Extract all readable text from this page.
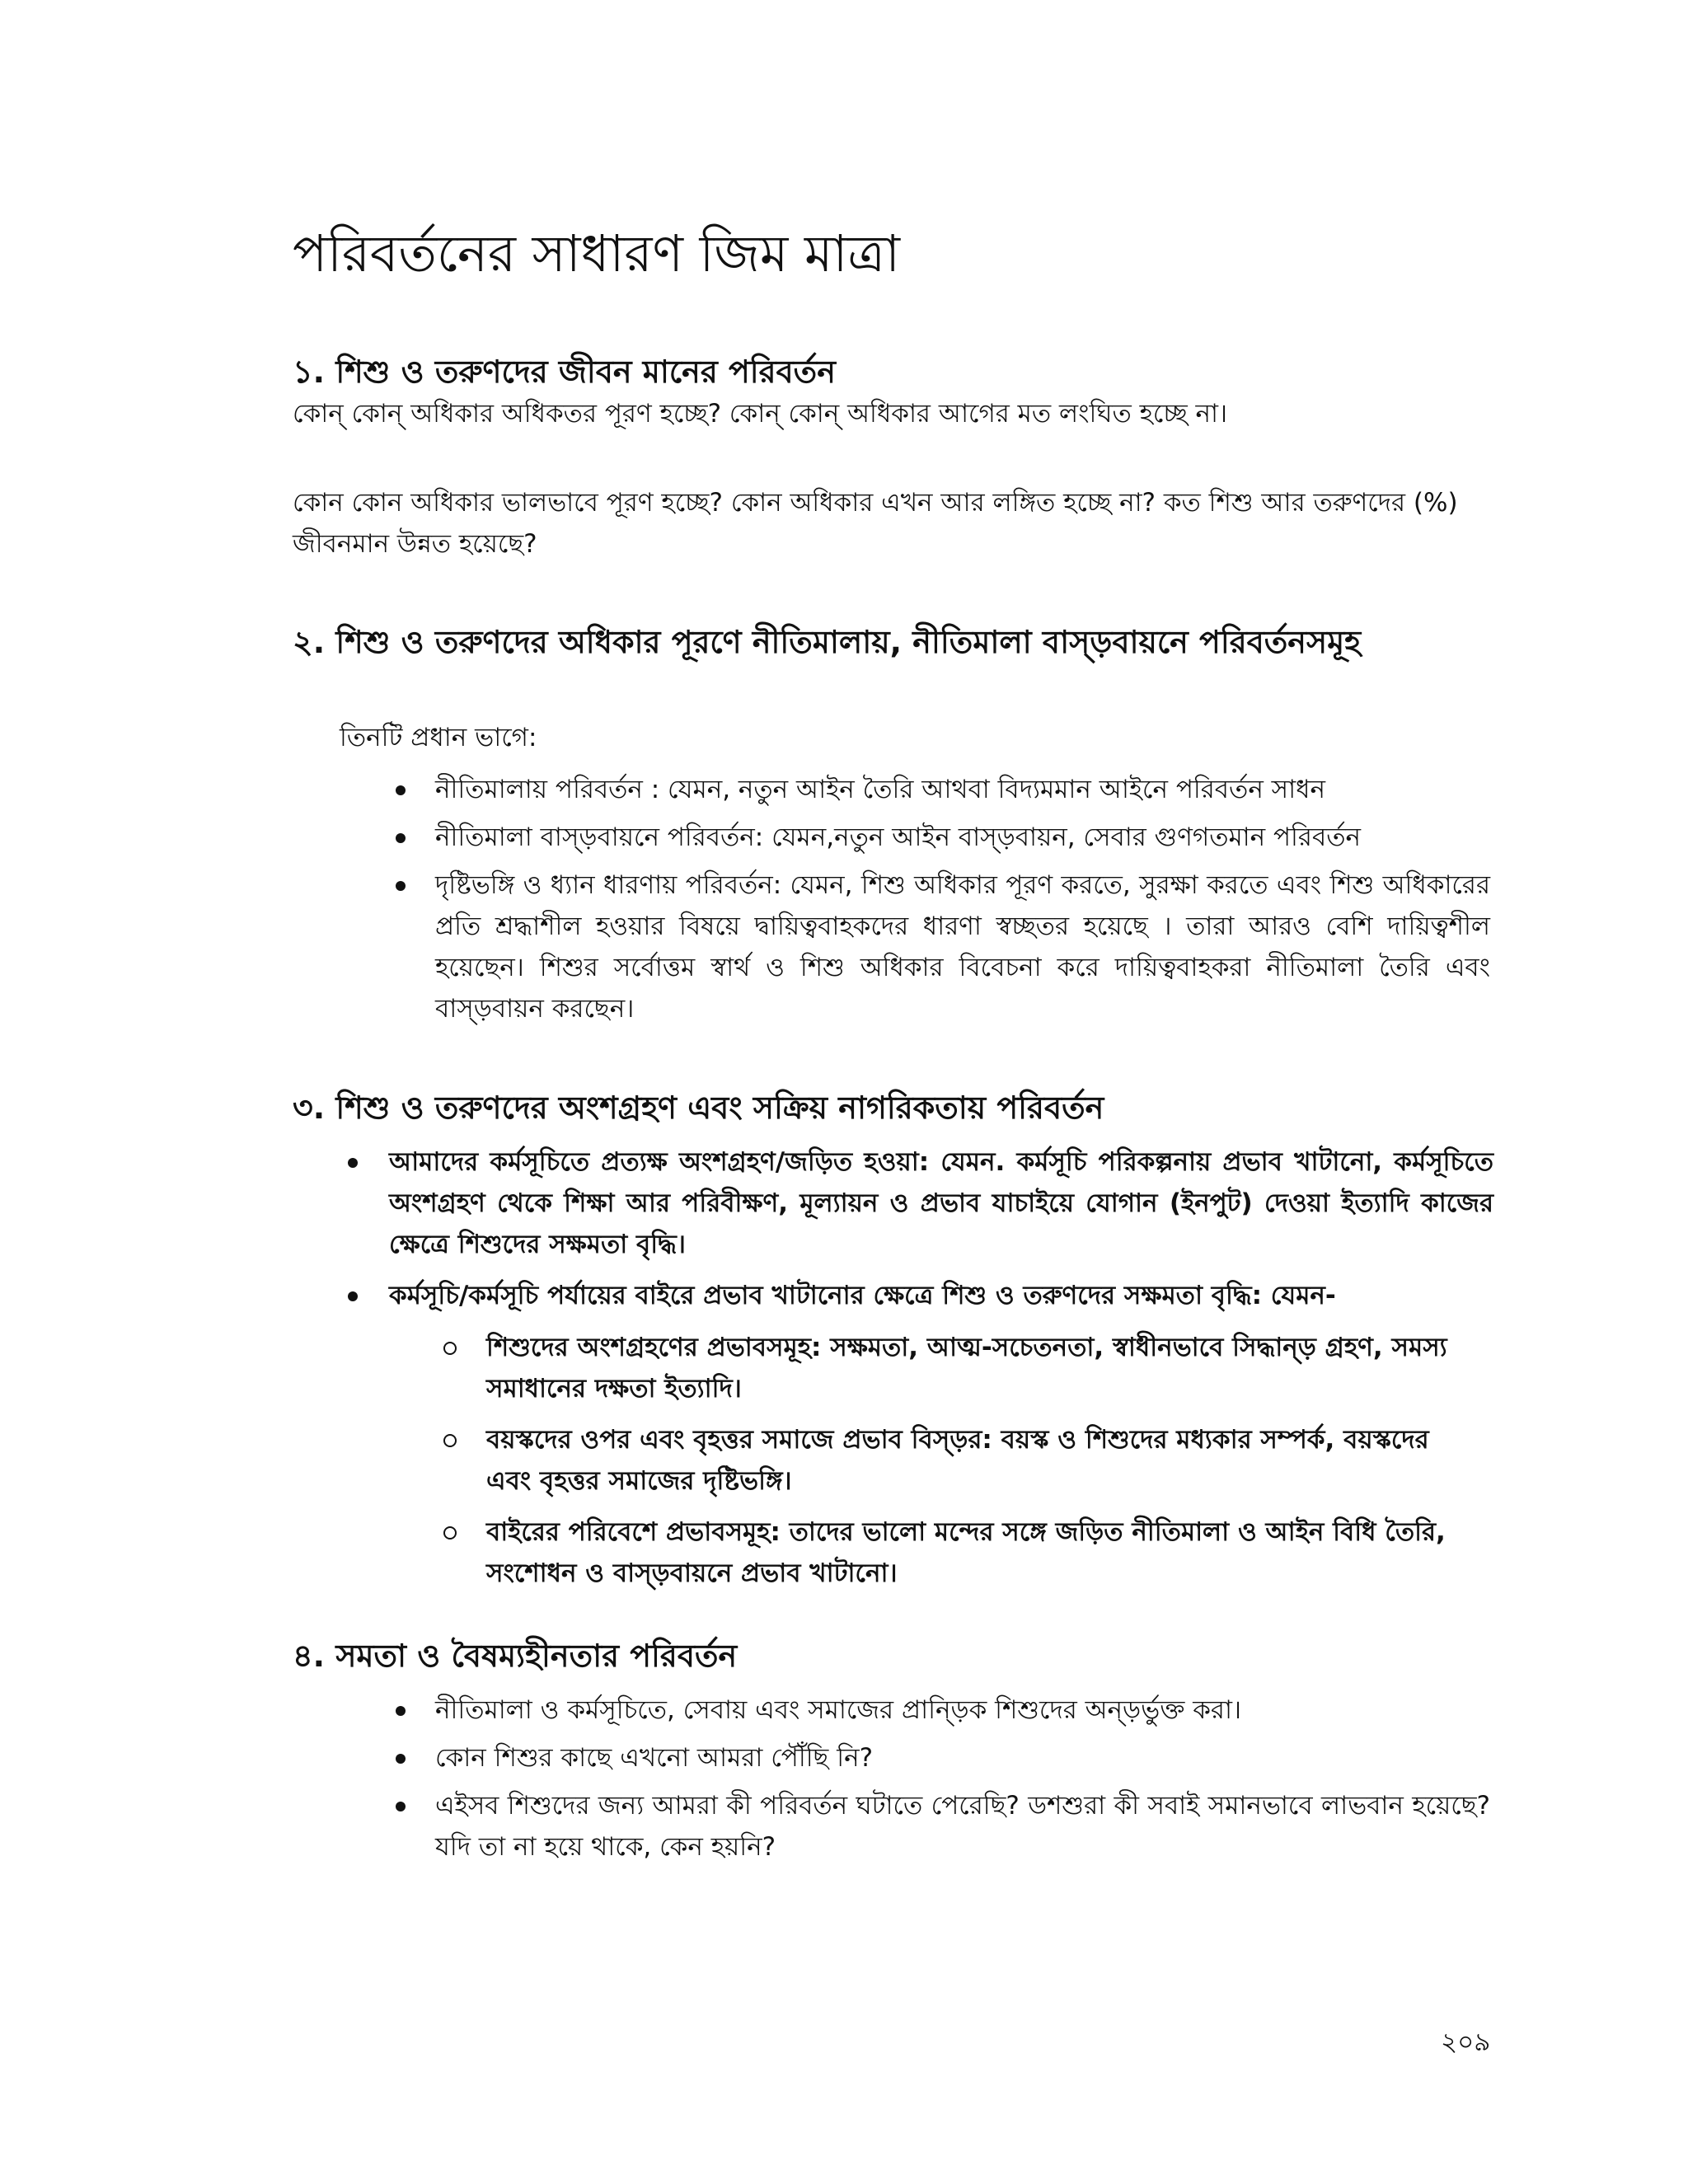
পরিবর্তনের সাধারণ জিম মাত্রা
১. শিশু ও তরুণদের জীবন মানের পরিবর্তন

কোন্ কোন্ অধিকার অধিকতর পূরণ হচ্ছে? কোন্ কোন্ অধিকার আগের মত লংঘিত হচ্ছে না।

কোন কোন অধিকার ভালভাবে পূরণ হচ্ছে? কোন অধিকার এখন আর লঙ্গিত হচ্ছে না? কত শিশু আর তরুণদের (%) জীবনমান উন্নত হয়েছে?

২. শিশু ও তরুণদের অধিকার পূরণে নীতিমালায়, নীতিমালা বাস্ড়বায়নে পরিবর্তনসমূহ

তিনটি প্রধান ভাগে:

নীতিমালায় পরিবর্তন : যেমন, নতুন আইন তৈরি আথবা বিদ্যমমান আইনে পরিবর্তন সাধন
নীতিমালা বাস্ড়বায়নে পরিবর্তন: যেমন,নতুন আইন বাস্ড়বায়ন, সেবার গুণগতমান পরিবর্তন
দৃষ্টিভঙ্গি ও ধ্যান ধারণায় পরিবর্তন: যেমন, শিশু অধিকার পূরণ করতে, সুরক্ষা করতে এবং শিশু অধিকারের প্রতি শ্রদ্ধাশীল হওয়ার বিষয়ে দ্বায়িত্ববাহকদের ধারণা স্বচ্ছতর হয়েছে । তারা আরও বেশি দায়িত্বশীল হয়েছেন। শিশুর সর্বোত্তম স্বার্থ ও শিশু অধিকার বিবেচনা করে দায়িত্ববাহকরা নীতিমালা তৈরি এবং বাস্ড়বায়ন করছেন।
৩. শিশু ও তরুণদের অংশগ্রহণ এবং সক্রিয় নাগরিকতায় পরিবর্তন
আমাদের কর্মসূচিতে প্রত্যক্ষ অংশগ্রহণ/জড়িত হওয়া: যেমন. কর্মসূচি পরিকল্পনায় প্রভাব খাটানো, কর্মসূচিতে অংশগ্রহণ থেকে শিক্ষা আর পরিবীক্ষণ, মূল্যায়ন ও প্রভাব যাচাইয়ে যোগান (ইনপুট) দেওয়া ইত্যাদি কাজের ক্ষেত্রে শিশুদের সক্ষমতা বৃদ্ধি।
কর্মসূচি/কর্মসূচি পর্যায়ের বাইরে প্রভাব খাটানোর ক্ষেত্রে শিশু ও তরুণদের সক্ষমতা বৃদ্ধি: যেমন-
শিশুদের অংশগ্রহণের প্রভাবসমূহ: সক্ষমতা, আত্ম-সচেতনতা, স্বাধীনভাবে সিদ্ধান্ড় গ্রহণ, সমস্য সমাধানের দক্ষতা ইত্যাদি।
বয়স্কদের ওপর এবং বৃহত্তর সমাজে প্রভাব বিস্ড়র: বয়স্ক ও শিশুদের মধ্যকার সম্পর্ক, বয়স্কদের এবং বৃহত্তর সমাজের দৃষ্টিভঙ্গি।
বাইরের পরিবেশে প্রভাবসমূহ: তাদের ভালো মন্দের সঙ্গে জড়িত নীতিমালা ও আইন বিধি তৈরি, সংশোধন ও বাস্ড়বায়নে প্রভাব খাটানো।
৪. সমতা ও বৈষম্যহীনতার পরিবর্তন
নীতিমালা ও কর্মসূচিতে, সেবায় এবং সমাজের প্রান্ড়িক শিশুদের অন্ড়র্ভুক্ত করা।
কোন শিশুর কাছে এখনো আমরা পৌঁছি নি?
এইসব শিশুদের জন্য আমরা কী পরিবর্তন ঘটাতে পেরেছি? ডশশুরা কী সবাই সমানভাবে লাভবান হয়েছে? যদি তা না হয়ে থাকে, কেন হয়নি?
২০৯
